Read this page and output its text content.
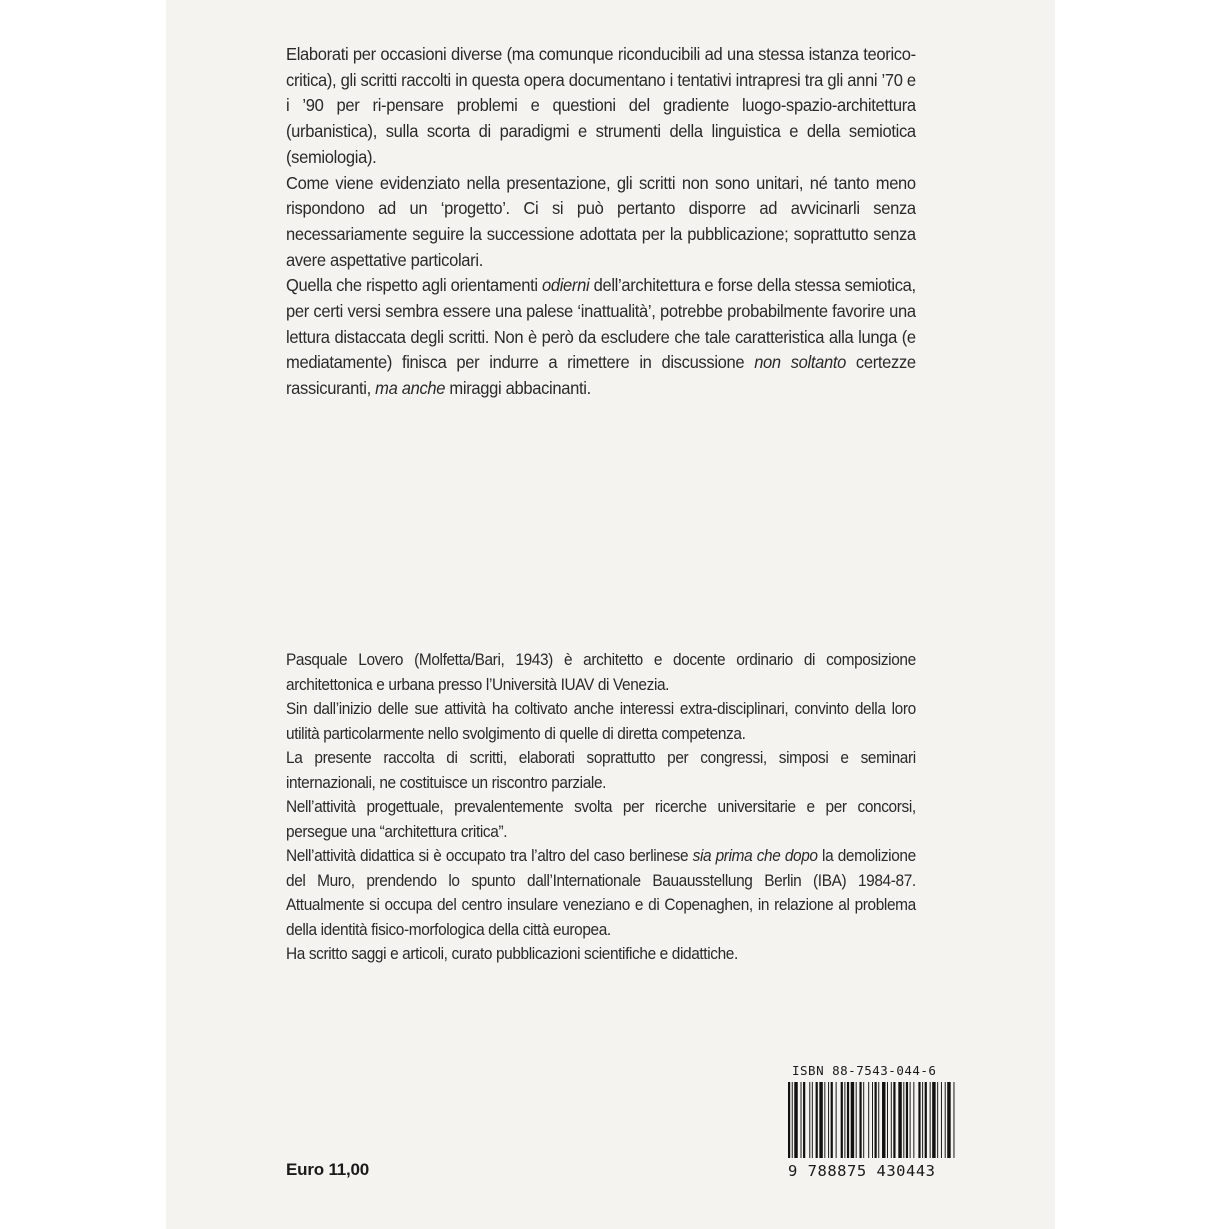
Elaborati per occasioni diverse (ma comunque riconducibili ad una stessa istanza teorico-critica), gli scritti raccolti in questa opera documentano i tentativi intrapresi tra gli anni ’70 e i ’90 per ri-pensare problemi e questioni del gradiente luogo-spazio-architettura (urbanistica), sulla scorta di paradigmi e strumenti della linguistica e della semiotica (semiologia).

Come viene evidenziato nella presentazione, gli scritti non sono unitari, né tanto meno rispondono ad un ‘progetto’. Ci si può pertanto disporre ad avvicinarli senza necessariamente seguire la successione adottata per la pubblicazione; soprattutto senza avere aspettative particolari.

Quella che rispetto agli orientamenti odierni dell’architettura e forse della stessa semiotica, per certi versi sembra essere una palese ‘inattualità’, potrebbe probabilmente favorire una lettura distaccata degli scritti. Non è però da escludere che tale caratteristica alla lunga (e mediatamente) finisca per indurre a rimettere in discussione non soltanto certezze rassicuranti, ma anche miraggi abbacinanti.

Pasquale Lovero (Molfetta/Bari, 1943) è architetto e docente ordinario di composizione architettonica e urbana presso l’Università IUAV di Venezia.

Sin dall’inizio delle sue attività ha coltivato anche interessi extra-disciplinari, convinto della loro utilità particolarmente nello svolgimento di quelle di diretta competenza.

La presente raccolta di scritti, elaborati soprattutto per congressi, simposi e seminari internazionali, ne costituisce un riscontro parziale.

Nell’attività progettuale, prevalentemente svolta per ricerche universitarie e per concorsi, persegue una “architettura critica”.

Nell’attività didattica si è occupato tra l’altro del caso berlinese sia prima che dopo la demolizione del Muro, prendendo lo spunto dall’Internationale Bauausstellung Berlin (IBA) 1984-87. Attualmente si occupa del centro insulare veneziano e di Copenaghen, in relazione al problema della identità fisico-morfologica della città europea.

Ha scritto saggi e articoli, curato pubblicazioni scientifiche e didattiche.

Euro 11,00
ISBN 88-7543-044-6
9 788875 430443
